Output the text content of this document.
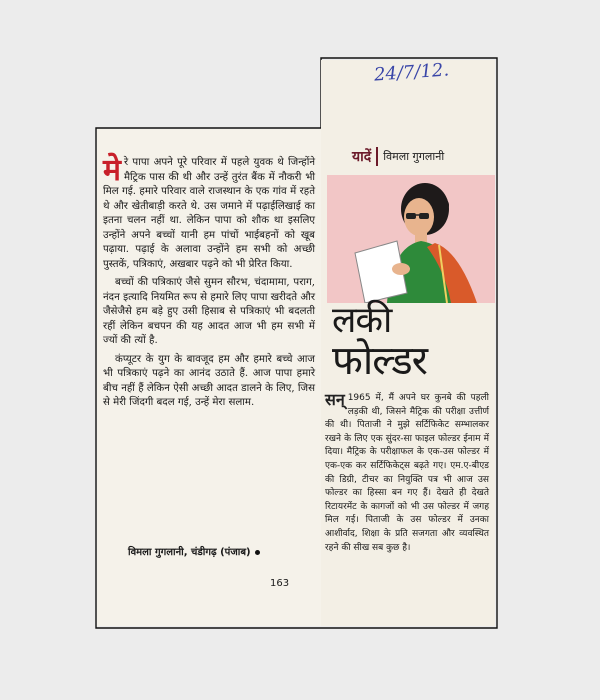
मेरे पापा अपने पूरे परिवार में पहले युवक थे जिन्होंने मैट्रिक पास की थी और उन्हें तुरंत बैंक में नौकरी भी मिल गई. हमारे परिवार वाले राजस्थान के एक गांव में रहते थे और खेतीबाड़ी करते थे. उस जमाने में पढ़ाईलिखाई का इतना चलन नहीं था. लेकिन पापा को शौक था इसलिए उन्होंने अपने बच्चों यानी हम पांचों भाईबहनों को खूब पढ़ाया. पढ़ाई के अलावा उन्होंने हम सभी को अच्छी पुस्तकें, पत्रिकाएं, अखबार पढ़ने को भी प्रेरित किया.

बच्चों की पत्रिकाएं जैसे सुमन सौरभ, चंदामामा, पराग, नंदन इत्यादि नियमित रूप से हमारे लिए पापा खरीदते और जैसेजैसे हम बड़े हुए उसी हिसाब से पत्रिकाएं भी बदलती रहीं लेकिन बचपन की यह आदत आज भी हम सभी में ज्यों की त्यों है.

कंप्यूटर के युग के बावजूद हम और हमारे बच्चे आज भी पत्रिकाएं पढ़ने का आनंद उठाते हैं. आज पापा हमारे बीच नहीं हैं लेकिन ऐसी अच्छी आदत डालने के लिए, जिस से मेरी जिंदगी बदल गई, उन्हें मेरा सलाम.

विमला गुगलानी, चंडीगढ़ (पंजाब)
163
24/7/12.
यादें	विमला गुगलानी
लकी
फोल्डर
सन् 1965 में, मैं अपने घर कुनबे की पहली लड़की थी, जिसने मैट्रिक की परीक्षा उत्तीर्ण की थी। पिताजी ने मुझे सर्टिफिकेट सम्भालकर रखने के लिए एक सुंदर-सा फाइल फोल्डर ईनाम में दिया। मैट्रिक के परीक्षाफल के एक-उस फोल्डर में एक-एक कर सर्टिफिकेट्स बढ़ते गए। एम.ए-बीएड की डिग्री, टीचर का नियुक्ति पत्र भी आज उस फोल्डर का हिस्सा बन गए हैं। देखते ही देखते रिटायरमेंट के कागजों को भी उस फोल्डर में जगह मिल गई। पिताजी के उस फोल्डर में उनका आशीर्वाद, शिक्षा के प्रति सजगता और व्यवस्थित रहने की सीख सब कुछ है।
